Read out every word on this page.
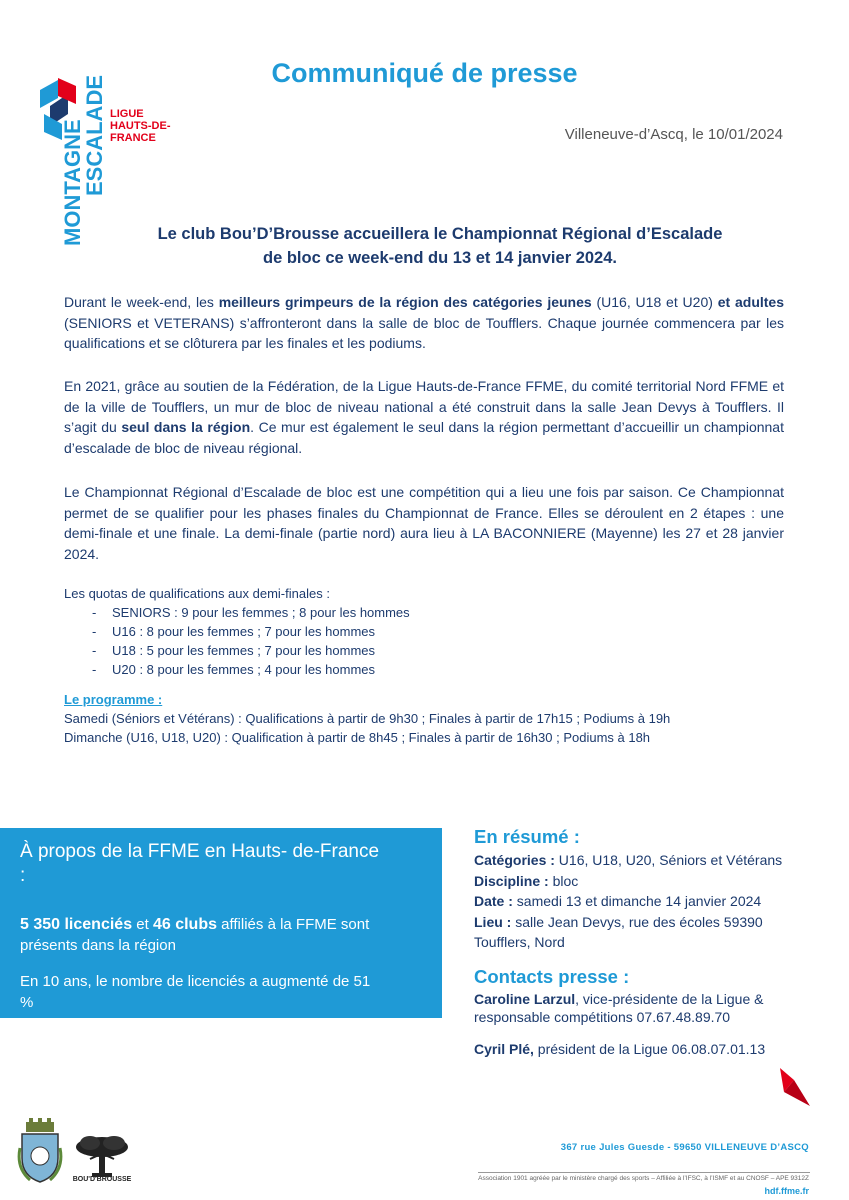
MONTAGNE
ESCALADE LIGUE
HAUTS-DE-
FRANCE
Communiqué de presse
Villeneuve-d’Ascq, le 10/01/2024
Le club Bou’D’Brousse accueillera le Championnat Régional d’Escalade
de bloc ce week-end du 13 et 14 janvier 2024.
Durant le week-end, les meilleurs grimpeurs de la région des catégories jeunes (U16, U18 et U20) et adultes (SENIORS et VETERANS) s’affronteront dans la salle de bloc de Toufflers. Chaque journée commencera par les qualifications et se clôturera par les finales et les podiums.
En 2021, grâce au soutien de la Fédération, de la Ligue Hauts-de-France FFME, du comité territorial Nord FFME et de la ville de Toufflers, un mur de bloc de niveau national a été construit dans la salle Jean Devys à Toufflers. Il s’agit du seul dans la région. Ce mur est également le seul dans la région permettant d’accueillir un championnat d’escalade de bloc de niveau régional.
Le Championnat Régional d’Escalade de bloc est une compétition qui a lieu une fois par saison. Ce Championnat permet de se qualifier pour les phases finales du Championnat de France. Elles se déroulent en 2 étapes : une demi-finale et une finale. La demi-finale (partie nord) aura lieu à LA BACONNIERE (Mayenne) les 27 et 28 janvier 2024.
Les quotas de qualifications aux demi-finales :
- SENIORS : 9 pour les femmes ; 8 pour les hommes
- U16 : 8 pour les femmes ; 7 pour les hommes
- U18 : 5 pour les femmes ; 7 pour les hommes
- U20 : 8 pour les femmes ; 4 pour les hommes
Le programme :
Samedi (Séniors et Vétérans) : Qualifications à partir de 9h30 ; Finales à partir de 17h15 ; Podiums à 19h
Dimanche (U16, U18, U20) : Qualification à partir de 8h45 ; Finales à partir de 16h30 ; Podiums à 18h
À propos de la FFME en Hauts- de-France :
5 350 licenciés et 46 clubs affiliés à la FFME sont présents dans la région
En 10 ans, le nombre de licenciés a augmenté de 51 %
En résumé :
Catégories : U16, U18, U20, Séniors et Vétérans
Discipline : bloc
Date : samedi 13 et dimanche 14 janvier 2024
Lieu : salle Jean Devys, rue des écoles 59390 Toufflers, Nord
Contacts presse :

Caroline Larzul, vice-présidente de la Ligue & responsable compétitions 07.67.48.89.70

Cyril Plé, président de la Ligue 06.08.07.01.13

BOU'D'BROUSSE
367 rue Jules Guesde - 59650 VILLENEUVE D’ASCQ
Association 1901 agréée par le ministère chargé des sports – Affiliée à l’IFSC, à l’ISMF et au CNOSF – APE 9312Z
hdf.ffme.fr
